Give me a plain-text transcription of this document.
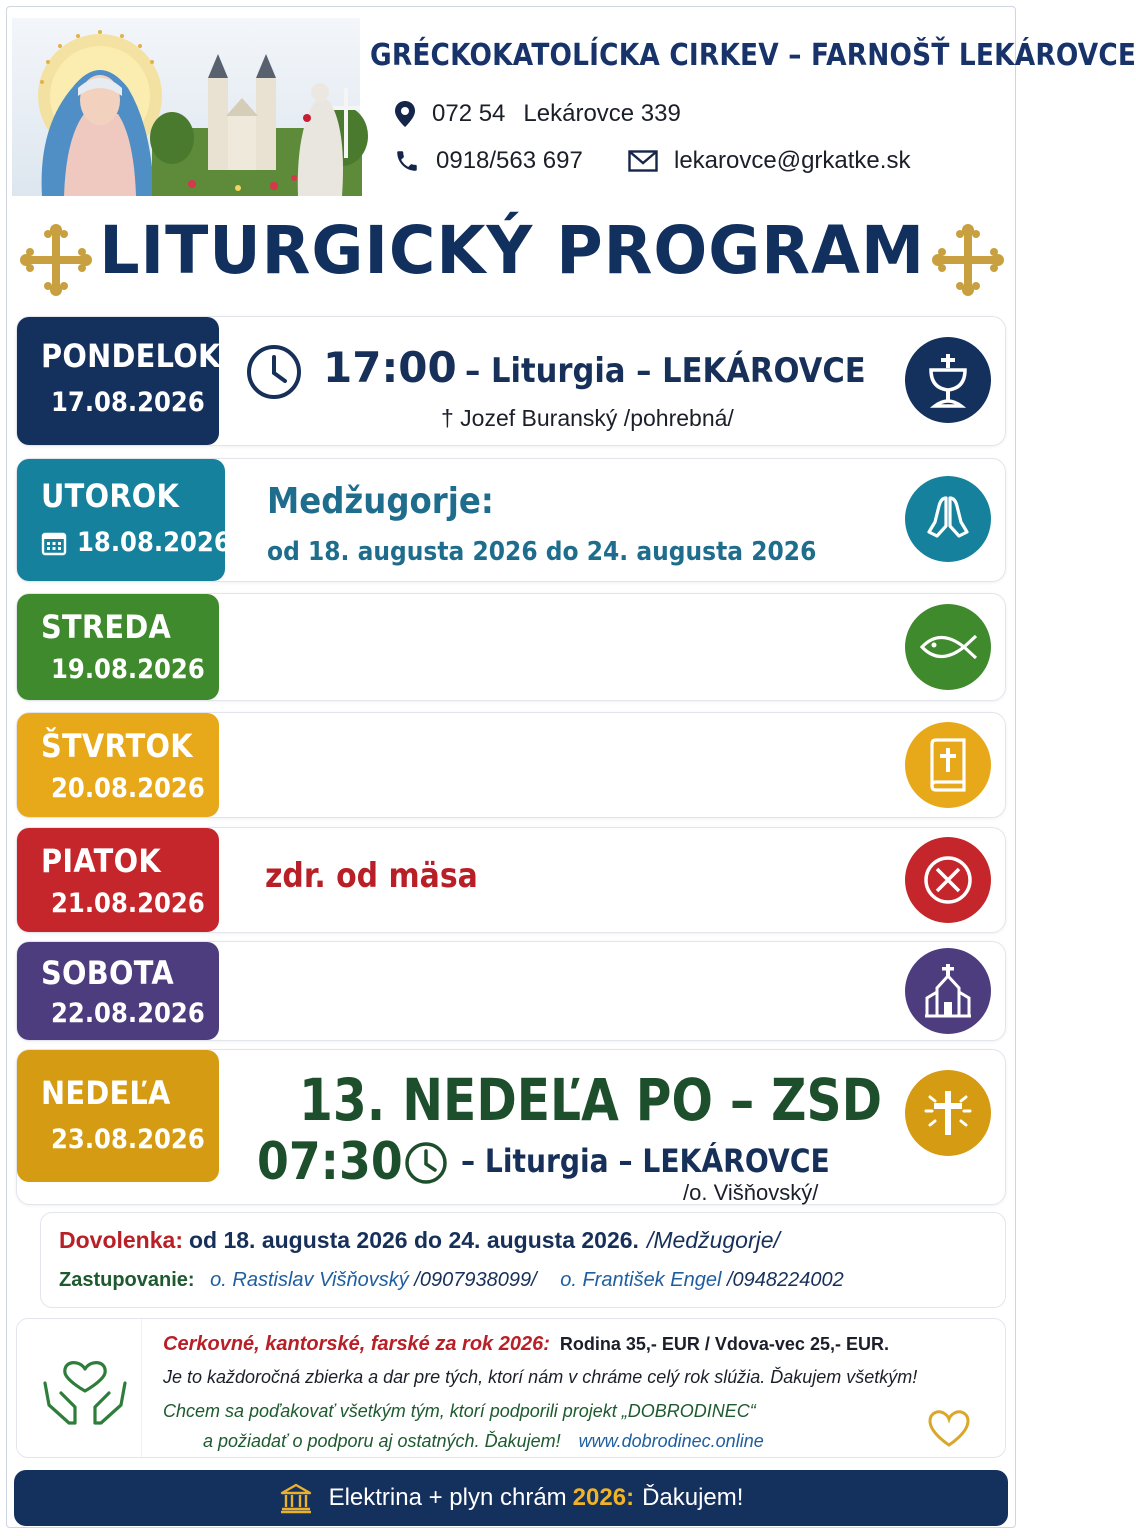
GRÉCKOKATOLÍCKA CIRKEV – FARNOŠŤ LEKÁROVCE
072 54 Lekárovce 339
0918/563 697	lekarovce@grkatke.sk
LITURGICKÝ PROGRAM
PONDELOK
17.08.2026
17:00 – Liturgia – LEKÁROVCE
† Jozef Buranský /pohrebná/
UTOROK
18.08.2026
Medžugorje:
od 18. augusta 2026 do 24. augusta 2026
STREDA
19.08.2026
ŠTVRTOK
20.08.2026
PIATOK
21.08.2026
zdr. od mäsa
SOBOTA
22.08.2026
NEDEĽA
23.08.2026
13. NEDEĽA PO – ZSD
07:30 – Liturgia – LEKÁROVCE
/o. Višňovský/
Dovolenka: od 18. augusta 2026 do 24. augusta 2026. /Medžugorje/
Zastupovanie: o. Rastislav Višňovský /0907938099/ o. František Engel /0948224002
Cerkovné, kantorské, farské za rok 2026: Rodina 35,- EUR / Vdova-vec 25,- EUR.
Je to každoročná zbierka a dar pre tých, ktorí nám v chráme celý rok slúžia. Ďakujem všetkým!
Chcem sa poďakovať všetkým tým, ktorí podporili projekt „DOBRODINEC“
a požiadať o podporu aj ostatných. Ďakujem! www.dobrodinec.online
Elektrina + plyn chrám 2026: Ďakujem!
